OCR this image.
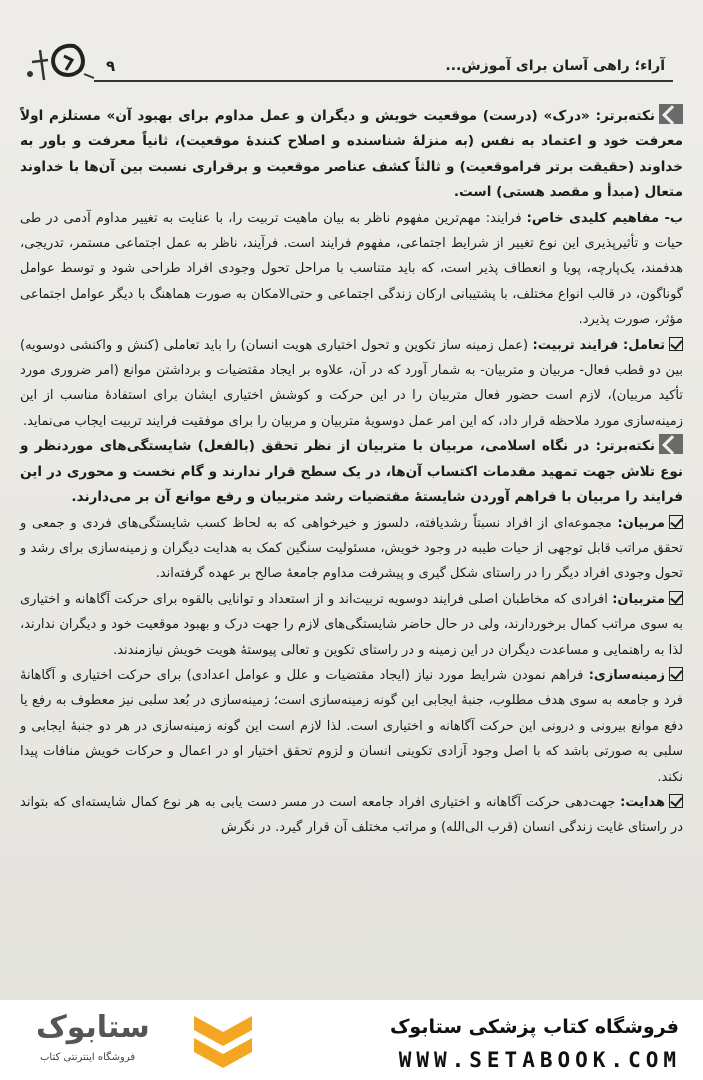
آراء؛ راهی آسان برای آموزش...
۹

نکته‌برتر: «درک» (درست) موقعیت خویش و دیگران و عمل مداوم برای بهبود آن» مستلزم اولاً معرفت خود و اعتماد به نفس (به منزلهٔ شناسنده و اصلاح کنندهٔ موقعیت)، ثانیاً معرفت و باور به خداوند (حقیقت برتر فراموقعیت) و ثالثاً کشف عناصر موقعیت و برقراری نسبت بین آن‌ها با خداوند متعال (مبدأ و مقصد هستی) است.

ب- مفاهیم کلیدی خاص: فرایند: مهم‌ترین مفهوم ناظر به بیان ماهیت تربیت را، با عنایت به تغییر مداوم آدمی در طی حیات و تأثیرپذیری این نوع تغییر از شرایط اجتماعی، مفهوم فرایند است. فرآیند، ناظر به عمل اجتماعی مستمر، تدریجی، هدفمند، یک‌پارچه، پویا و انعطاف پذیر است، که باید متناسب با مراحل تحول وجودی افراد طراحی شود و توسط عوامل گوناگون، در قالب انواع مختلف، با پشتیبانی ارکان زندگی اجتماعی و حتی‌الامکان به صورت هماهنگ با دیگر عوامل اجتماعی مؤثر، صورت پذیرد.

تعامل: فرایند تربیت: (عمل زمینه ساز تکوین و تحول اختیاری هویت انسان) را باید تعاملی (کنش و واکنشی دوسویه) بین دو قطب فعال- مربیان و متربیان- به شمار آورد که در آن، علاوه بر ایجاد مقتضیات و برداشتن موانع (امر ضروری مورد تأکید مربیان)، لازم است حضور فعال متربیان را در این حرکت و کوشش اختیاری ایشان برای استفادهٔ مناسب از این زمینه‌سازی مورد ملاحظه قرار داد، که این امر عمل دوسویهٔ متربیان و مربیان را برای موفقیت فرایند تربیت ایجاب می‌نماید.

نکته‌برتر: در نگاه اسلامی، مربیان با متربیان از نظر تحقق (بالفعل) شایستگی‌های موردنظر و نوع تلاش جهت تمهید مقدمات اکتساب آن‌ها، در یک سطح قرار ندارند و گام نخست و محوری در این فرایند را مربیان با فراهم آوردن شایستهٔ مقتضیات رشد متربیان و رفع موانع آن بر می‌دارند.

مربیان: مجموعه‌ای از افراد نسبتاً رشدیافته، دلسوز و خیرخواهی که به لحاظ کسب شایستگی‌های فردی و جمعی و تحقق مراتب قابل توجهی از حیات طیبه در وجود خویش، مسئولیت سنگین کمک به هدایت دیگران و زمینه‌سازی برای رشد و تحول وجودی افراد دیگر را در راستای شکل گیری و پیشرفت مداوم جامعهٔ صالح بر عهده گرفته‌اند.

متربیان: افرادی که مخاطبان اصلی فرایند دوسویه تربیت‌اند و از استعداد و توانایی بالقوه برای حرکت آگاهانه و اختیاری به سوی مراتب کمال برخوردارند، ولی در حال حاضر شایستگی‌های لازم را جهت درک و بهبود موقعیت خود و دیگران ندارند، لذا به راهنمایی و مساعدت دیگران در این زمینه و در راستای تکوین و تعالی پیوستهٔ هویت خویش نیازمندند.

زمینه‌سازی: فراهم نمودن شرایط مورد نیاز (ایجاد مقتضیات و علل و عوامل اعدادی) برای حرکت اختیاری و آگاهانهٔ فرد و جامعه به سوی هدف مطلوب، جنبهٔ ایجابی این گونه زمینه‌سازی است؛ زمینه‌سازی در بُعد سلبی نیز معطوف به رفع یا دفع موانع بیرونی و درونی این حرکت آگاهانه و اختیاری است. لذا لازم است این گونه زمینه‌سازی در هر دو جنبهٔ ایجابی و سلبی به صورتی باشد که با اصل وجود آزادی تکوینی انسان و لزوم تحقق اختیار او در اعمال و حرکات خویش منافات پیدا نکند.

هدایت: جهت‌دهی حرکت آگاهانه و اختیاری افراد جامعه است در مسر دست یابی به هر نوع کمال شایسته‌ای که بتواند در راستای غایت زندگی انسان (قرب الی‌الله) و مراتب مختلف آن قرار گیرد. در نگرش

فروشگاه کتاب پزشکی ستابوک
WWW.SETABOOK.COM
ستابوک
فروشگاه اینترنتی کتاب
